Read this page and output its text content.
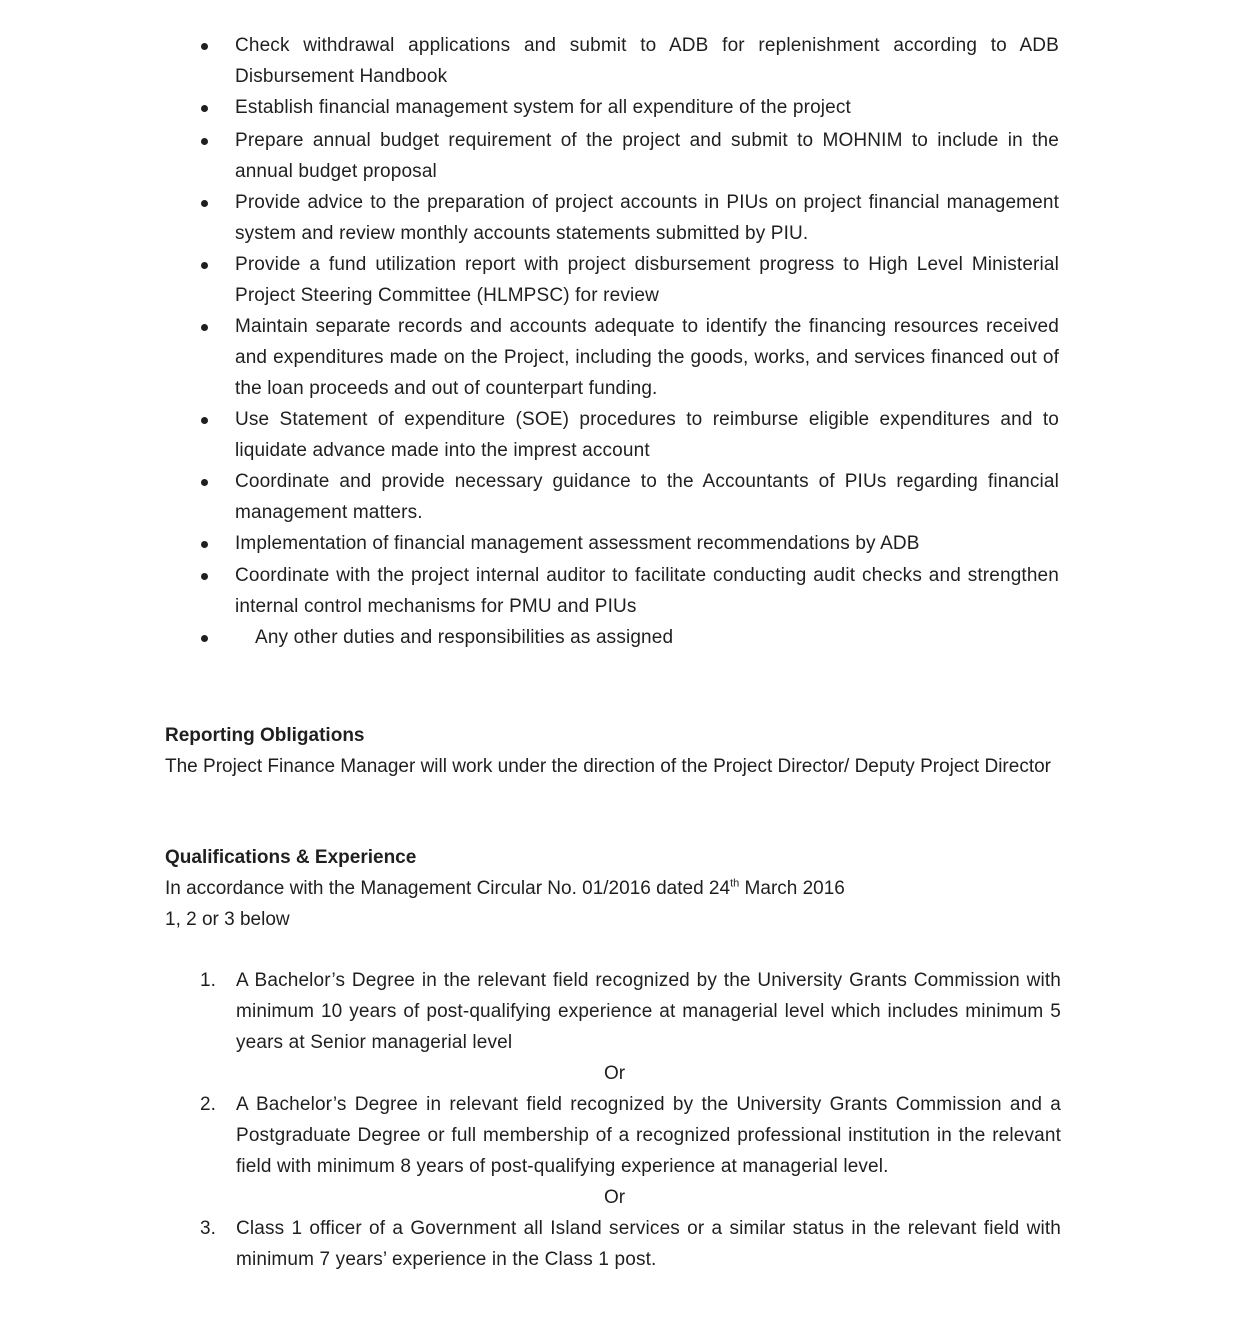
Check withdrawal applications and submit to ADB for replenishment according to ADB Disbursement Handbook
Establish financial management system for all expenditure of the project
Prepare annual budget requirement of the project and submit to MOHNIM to include in the annual budget proposal
Provide advice to the preparation of project accounts in PIUs on project financial management system and review monthly accounts statements submitted by PIU.
Provide a fund utilization report with project disbursement progress to High Level Ministerial Project Steering Committee (HLMPSC) for review
Maintain separate records and accounts adequate to identify the financing resources received and expenditures made on the Project, including the goods, works, and services financed out of the loan proceeds and out of counterpart funding.
Use Statement of expenditure (SOE) procedures to reimburse eligible expenditures and to liquidate advance made into the imprest account
Coordinate and provide necessary guidance to the Accountants of PIUs regarding financial management matters.
Implementation of financial management assessment recommendations by ADB
Coordinate with the project internal auditor to facilitate conducting audit checks and strengthen internal control mechanisms for PMU and PIUs
Any other duties and responsibilities as assigned
Reporting Obligations
The Project Finance Manager will work under the direction of the Project Director/ Deputy Project Director
Qualifications & Experience
In accordance with the Management Circular No. 01/2016 dated 24th March 2016
1, 2 or 3 below
1. A Bachelor’s Degree in the relevant field recognized by the University Grants Commission with minimum 10 years of post-qualifying experience at managerial level which includes minimum 5 years at Senior managerial level
Or
2. A Bachelor’s Degree in relevant field recognized by the University Grants Commission and a Postgraduate Degree or full membership of a recognized professional institution in the relevant field with minimum 8 years of post-qualifying experience at managerial level.
Or
3. Class 1 officer of a Government all Island services or a similar status in the relevant field with minimum 7 years’ experience in the Class 1 post.
